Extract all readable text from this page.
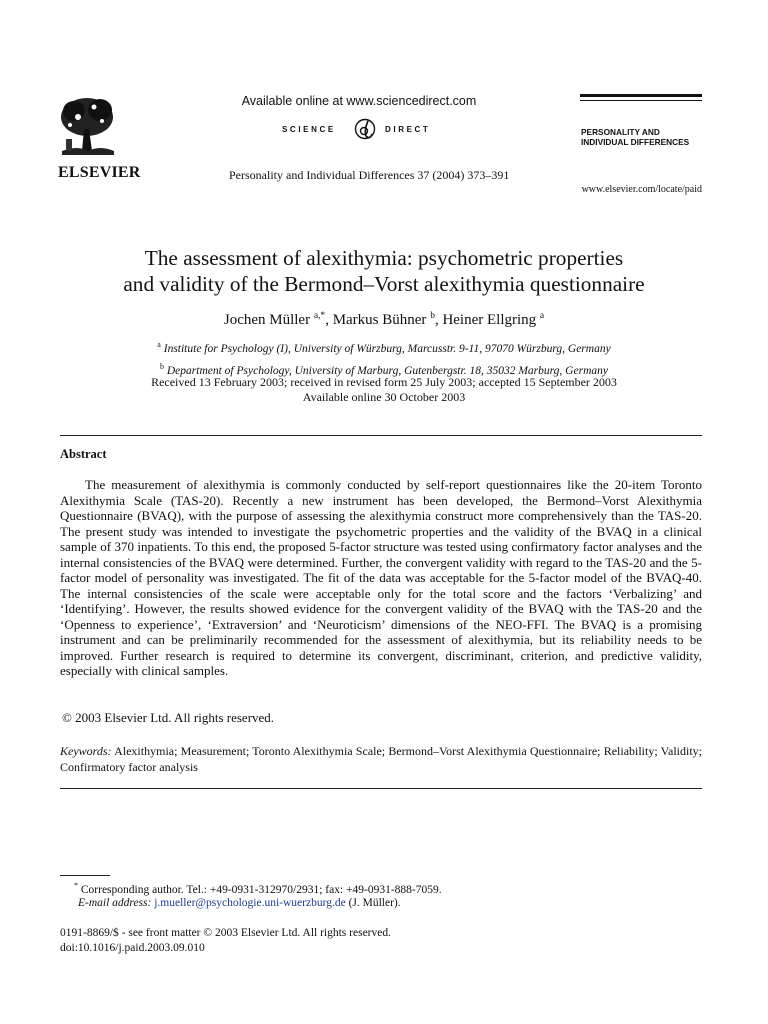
ELSEVIER
Available online at www.sciencedirect.com
SCIENCE	DIRECT
Personality and Individual Differences 37 (2004) 373–391
PERSONALITY AND
INDIVIDUAL DIFFERENCES
www.elsevier.com/locate/paid
The assessment of alexithymia: psychometric properties
and validity of the Bermond–Vorst alexithymia questionnaire
Jochen Müller $^{a,*}$, Markus Bühner $^b$, Heiner Ellgring $^a$
$^a$ Institute for Psychology (I), University of Würzburg, Marcusstr. 9-11, 97070 Würzburg, Germany
$^b$ Department of Psychology, University of Marburg, Gutenbergstr. 18, 35032 Marburg, Germany
Received 13 February 2003; received in revised form 25 July 2003; accepted 15 September 2003
Available online 30 October 2003
Abstract

The measurement of alexithymia is commonly conducted by self-report questionnaires like the 20-item Toronto Alexithymia Scale (TAS-20). Recently a new instrument has been developed, the Bermond–Vorst Alexithymia Questionnaire (BVAQ), with the purpose of assessing the alexithymia construct more comprehensively than the TAS-20. The present study was intended to investigate the psychometric properties and the validity of the BVAQ in a clinical sample of 370 inpatients. To this end, the proposed 5-factor structure was tested using confirmatory factor analyses and the internal consistencies of the BVAQ were determined. Further, the convergent validity with regard to the TAS-20 and the 5-factor model of personality was investigated. The fit of the data was acceptable for the 5-factor model of the BVAQ-40. The internal consistencies of the scale were acceptable only for the total score and the factors ‘Verbalizing’ and ‘Identifying’. However, the results showed evidence for the convergent validity of the BVAQ with the TAS-20 and the ‘Openness to experience’, ‘Extraversion’ and ‘Neuroticism’ dimensions of the NEO-FFI. The BVAQ is a promising instrument and can be preliminarily recommended for the assessment of alexithymia, but its reliability needs to be improved. Further research is required to determine its convergent, discriminant, criterion, and predictive validity, especially with clinical samples.

© 2003 Elsevier Ltd. All rights reserved.
Keywords: Alexithymia; Measurement; Toronto Alexithymia Scale; Bermond–Vorst Alexithymia Questionnaire; Reliability; Validity; Confirmatory factor analysis
* Corresponding author. Tel.: +49-0931-312970/2931; fax: +49-0931-888-7059.
E-mail address: j.mueller@psychologie.uni-wuerzburg.de (J. Müller).
0191-8869/$ - see front matter © 2003 Elsevier Ltd. All rights reserved.
doi:10.1016/j.paid.2003.09.010
